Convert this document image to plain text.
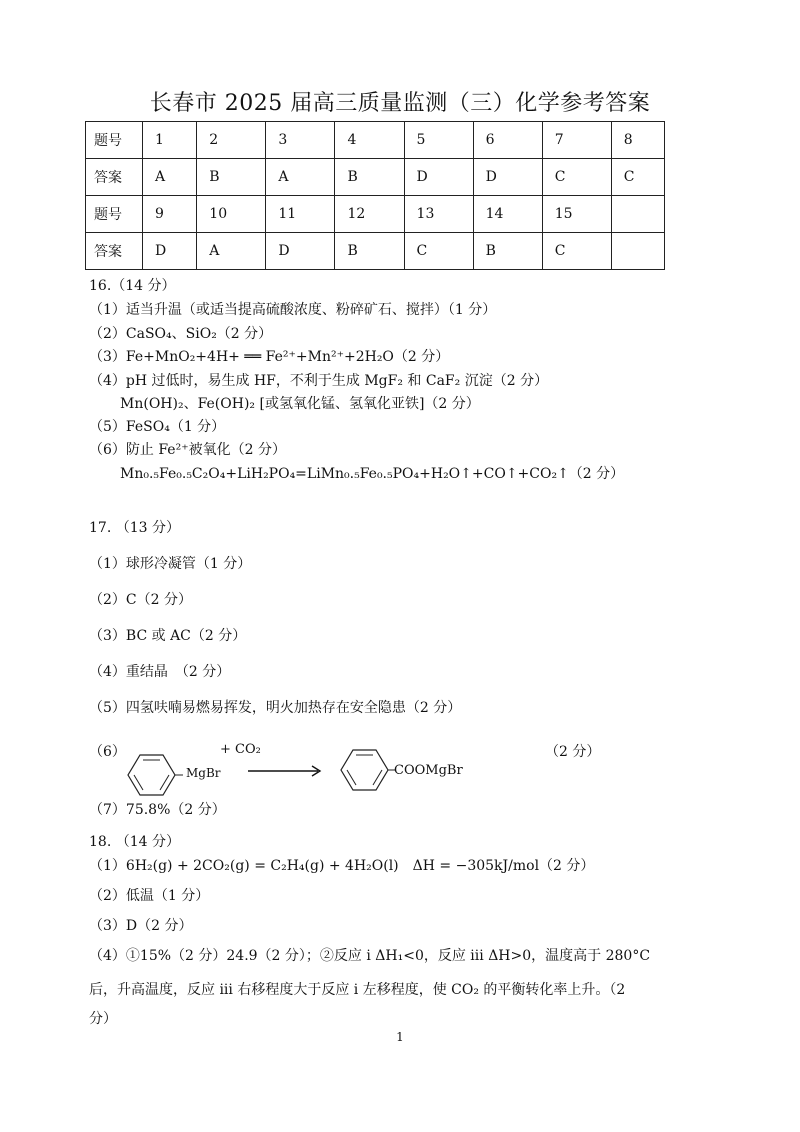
长春市 2025 届高三质量监测（三）化学参考答案
题号	1	2	3	4	5	6	7	8
答案	A	B	A	B	D	D	C	C
题号	9	10	11	12	13	14	15	
答案	D	A	D	B	C	B	C	
16.（14 分）
（1）适当升温（或适当提高硫酸浓度、粉碎矿石、搅拌）（1 分）
（2）CaSO₄、SiO₂（2 分）
（3）Fe+MnO₂+4H+ ══ Fe²⁺+Mn²⁺+2H₂O（2 分）
（4）pH 过低时，易生成 HF，不利于生成 MgF₂ 和 CaF₂ 沉淀（2 分）
Mn(OH)₂、Fe(OH)₂ [或氢氧化锰、氢氧化亚铁]（2 分）
（5）FeSO₄（1 分）
（6）防止 Fe²⁺被氧化（2 分）
Mn₀.₅Fe₀.₅C₂O₄+LiH₂PO₄=LiMn₀.₅Fe₀.₅PO₄+H₂O↑+CO↑+CO₂↑（2 分）
17. （13 分）
（1）球形冷凝管（1 分）
（2）C（2 分）
（3）BC 或 AC（2 分）
（4）重结晶　（2 分）
（5）四氢呋喃易燃易挥发，明火加热存在安全隐患（2 分）
（6）
MgBr
+ CO₂
COOMgBr
（2 分）
（7）75.8%（2 分）
18. （14 分）
（1）6H₂(g) + 2CO₂(g) = C₂H₄(g) + 4H₂O(l)　ΔH = −305kJ/mol（2 分）
（2）低温（1 分）
（3）D（2 分）
（4）①15%（2 分）24.9（2 分）；②反应 i ΔH₁<0，反应 iii ΔH>0，温度高于 280°C
后，升高温度，反应 iii 右移程度大于反应 i 左移程度，使 CO₂ 的平衡转化率上升。（2
分）
1
